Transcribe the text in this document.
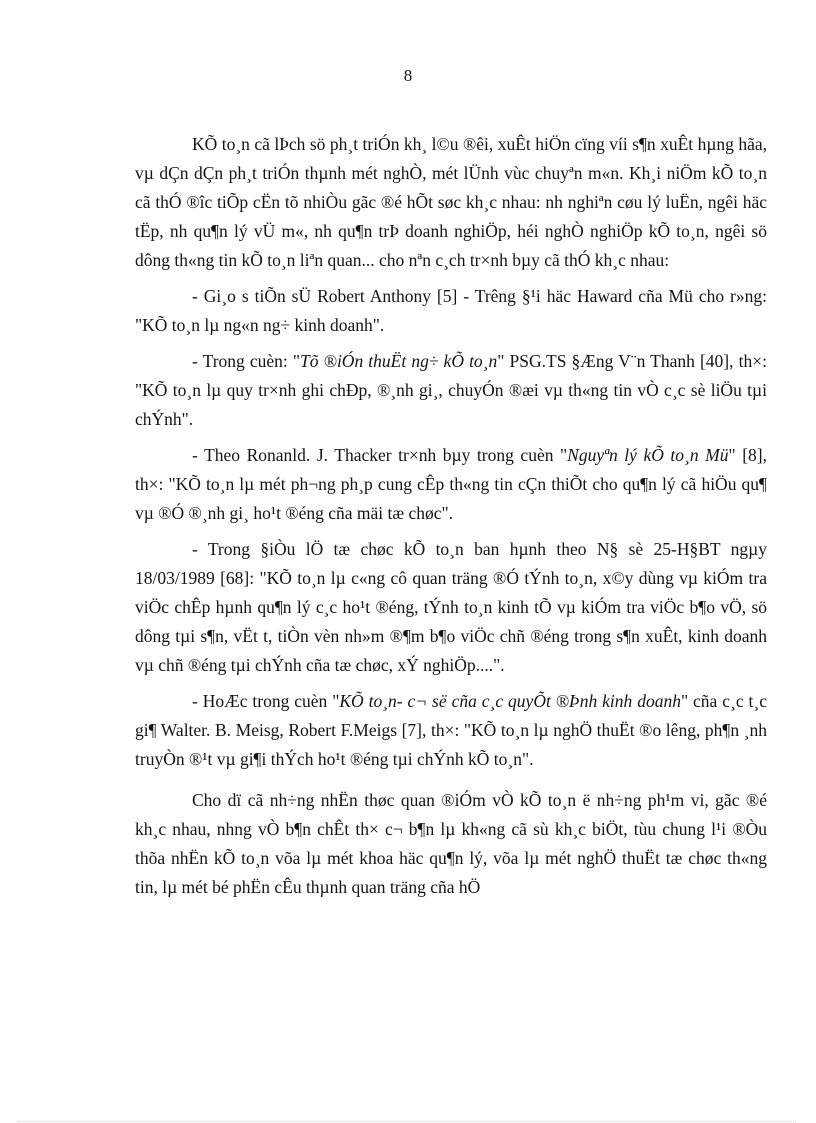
8

KÕ to¸n cã lÞch sö ph¸t triÓn kh¸ l©u ®êi, xuÊt hiÖn cïng víi s¶n xuÊt hµng hãa, vµ dÇn dÇn ph¸t triÓn thµnh mét nghÒ, mét lÜnh vùc chuyªn m«n. Kh¸i niÖm kÕ to¸n cã thÓ ®îc tiÕp cËn tõ nhiÒu gãc ®é hÕt søc kh¸c nhau: nh nghiªn cøu lý luËn, ngêi häc tËp, nh qu¶n lý vÜ m«, nh qu¶n trÞ doanh nghiÖp, héi nghÒ nghiÖp kÕ to¸n, ngêi sö dông th«ng tin kÕ to¸n liªn quan... cho nªn c¸ch tr×nh bµy cã thÓ kh¸c nhau:

- Gi¸o s tiÕn sÜ Robert Anthony [5] - Trêng §¹i häc Haward cña Mü cho r»ng: "KÕ to¸n lµ ng«n ng÷ kinh doanh".

- Trong cuèn: "Tõ ®iÓn thuËt ng÷ kÕ to¸n" PSG.TS §Æng V¨n Thanh [40], th×: "KÕ to¸n lµ quy tr×nh ghi chÐp, ®¸nh gi¸, chuyÓn ®æi vµ th«ng tin vÒ c¸c sè liÖu tµi chÝnh".

- Theo Ronanld. J. Thacker tr×nh bµy trong cuèn "Nguyªn lý kÕ to¸n Mü" [8], th×: "KÕ to¸n lµ mét ph¬ng ph¸p cung cÊp th«ng tin cÇn thiÕt cho qu¶n lý cã hiÖu qu¶ vµ ®Ó ®¸nh gi¸ ho¹t ®éng cña mäi tæ chøc".

- Trong §iÒu lÖ tæ chøc kÕ to¸n ban hµnh theo N§ sè 25-H§BT ngµy 18/03/1989 [68]: "KÕ to¸n lµ c«ng cô quan träng ®Ó tÝnh to¸n, x©y dùng vµ kiÓm tra viÖc chÊp hµnh qu¶n lý c¸c ho¹t ®éng, tÝnh to¸n kinh tÕ vµ kiÓm tra viÖc b¶o vÖ, sö dông tµi s¶n, vËt t, tiÒn vèn nh»m ®¶m b¶o viÖc chñ ®éng trong s¶n xuÊt, kinh doanh vµ chñ ®éng tµi chÝnh cña tæ chøc, xÝ nghiÖp....".

- HoÆc trong cuèn "KÕ to¸n- c¬ së cña c¸c quyÕt ®Þnh kinh doanh" cña c¸c t¸c gi¶ Walter. B. Meisg, Robert F.Meigs [7], th×: "KÕ to¸n lµ nghÖ thuËt ®o lêng, ph¶n ¸nh truyÒn ®¹t vµ gi¶i thÝch ho¹t ®éng tµi chÝnh kÕ to¸n".

Cho dï cã nh÷ng nhËn thøc quan ®iÓm vÒ kÕ to¸n ë nh÷ng ph¹m vi, gãc ®é kh¸c nhau, nhng vÒ b¶n chÊt th× c¬ b¶n lµ kh«ng cã sù kh¸c biÖt, tùu chung l¹i ®Òu thõa nhËn kÕ to¸n võa lµ mét khoa häc qu¶n lý, võa lµ mét nghÖ thuËt tæ chøc th«ng tin, lµ mét bé phËn cÊu thµnh quan träng cña hÖ
